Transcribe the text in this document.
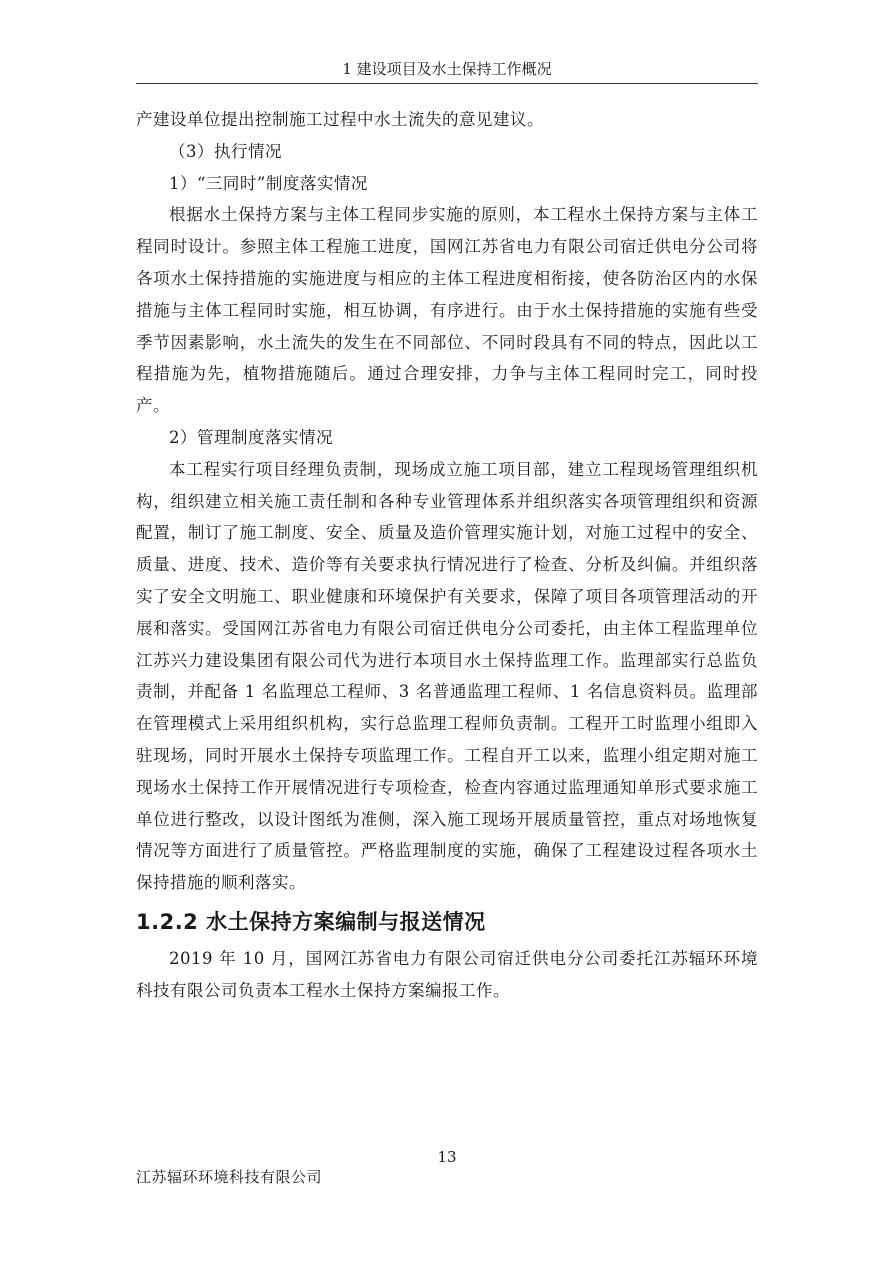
1 建设项目及水土保持工作概况

产建设单位提出控制施工过程中水土流失的意见建议。

（3）执行情况

1）“三同时”制度落实情况

根据水土保持方案与主体工程同步实施的原则，本工程水土保持方案与主体工程同时设计。参照主体工程施工进度，国网江苏省电力有限公司宿迁供电分公司将各项水土保持措施的实施进度与相应的主体工程进度相衔接，使各防治区内的水保措施与主体工程同时实施，相互协调，有序进行。由于水土保持措施的实施有些受季节因素影响，水土流失的发生在不同部位、不同时段具有不同的特点，因此以工程措施为先，植物措施随后。通过合理安排，力争与主体工程同时完工，同时投产。

2）管理制度落实情况

本工程实行项目经理负责制，现场成立施工项目部，建立工程现场管理组织机构，组织建立相关施工责任制和各种专业管理体系并组织落实各项管理组织和资源配置，制订了施工制度、安全、质量及造价管理实施计划，对施工过程中的安全、质量、进度、技术、造价等有关要求执行情况进行了检查、分析及纠偏。并组织落实了安全文明施工、职业健康和环境保护有关要求，保障了项目各项管理活动的开展和落实。受国网江苏省电力有限公司宿迁供电分公司委托，由主体工程监理单位江苏兴力建设集团有限公司代为进行本项目水土保持监理工作。监理部实行总监负责制，并配备 1 名监理总工程师、3 名普通监理工程师、1 名信息资料员。监理部在管理模式上采用组织机构，实行总监理工程师负责制。工程开工时监理小组即入驻现场，同时开展水土保持专项监理工作。工程自开工以来，监理小组定期对施工现场水土保持工作开展情况进行专项检查，检查内容通过监理通知单形式要求施工单位进行整改，以设计图纸为准侧，深入施工现场开展质量管控，重点对场地恢复情况等方面进行了质量管控。严格监理制度的实施，确保了工程建设过程各项水土保持措施的顺利落实。

1.2.2 水土保持方案编制与报送情况

2019 年 10 月，国网江苏省电力有限公司宿迁供电分公司委托江苏辐环环境科技有限公司负责本工程水土保持方案编报工作。

13
江苏辐环环境科技有限公司
